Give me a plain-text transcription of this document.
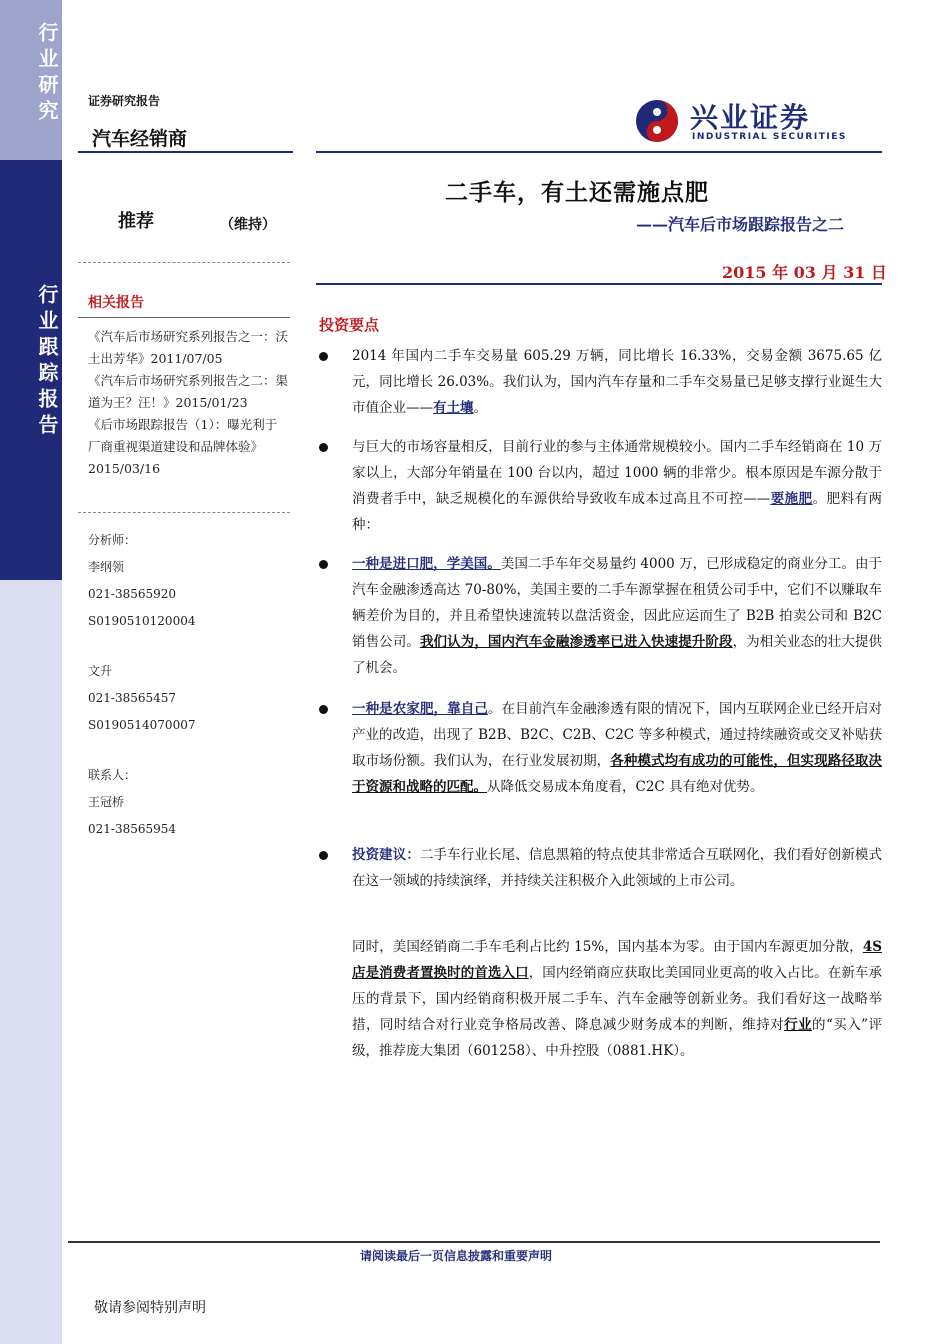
行业研究
行业跟踪报告
证券研究报告
汽车经销商
兴业证券
INDUSTRIAL SECURITIES
二手车，有土还需施点肥
——汽车后市场跟踪报告之二
2015 年 03 月 31 日
推荐	（维持）
相关报告
《汽车后市场研究系列报告之一：沃土出芳华》2011/07/05
《汽车后市场研究系列报告之二：渠道为王？汪！》2015/01/23
《后市场跟踪报告（1）：曝光利于厂商重视渠道建设和品牌体验》2015/03/16
分析师：
李纲领
021-38565920
S0190510120004
文升
021-38565457
S0190514070007
联系人：
王冠桥
021-38565954
投资要点
2014 年国内二手车交易量 605.29 万辆，同比增长 16.33%，交易金额 3675.65 亿元，同比增长 26.03%。我们认为，国内汽车存量和二手车交易量已足够支撑行业诞生大市值企业——有土壤。
与巨大的市场容量相反，目前行业的参与主体通常规模较小。国内二手车经销商在 10 万家以上，大部分年销量在 100 台以内，超过 1000 辆的非常少。根本原因是车源分散于消费者手中，缺乏规模化的车源供给导致收车成本过高且不可控——要施肥。肥料有两种：
一种是进口肥，学美国。美国二手车年交易量约 4000 万，已形成稳定的商业分工。由于汽车金融渗透高达 70-80%，美国主要的二手车源掌握在租赁公司手中，它们不以赚取车辆差价为目的，并且希望快速流转以盘活资金，因此应运而生了 B2B 拍卖公司和 B2C 销售公司。我们认为，国内汽车金融渗透率已进入快速提升阶段，为相关业态的壮大提供了机会。
一种是农家肥，靠自己。在目前汽车金融渗透有限的情况下，国内互联网企业已经开启对产业的改造，出现了 B2B、B2C、C2B、C2C 等多种模式，通过持续融资或交叉补贴获取市场份额。我们认为，在行业发展初期，各种模式均有成功的可能性，但实现路径取决于资源和战略的匹配。从降低交易成本角度看，C2C 具有绝对优势。
投资建议：二手车行业长尾、信息黑箱的特点使其非常适合互联网化，我们看好创新模式在这一领域的持续演绎，并持续关注积极介入此领域的上市公司。
同时，美国经销商二手车毛利占比约 15%，国内基本为零。由于国内车源更加分散，4S 店是消费者置换时的首选入口，国内经销商应获取比美国同业更高的收入占比。在新车承压的背景下，国内经销商积极开展二手车、汽车金融等创新业务。我们看好这一战略举措，同时结合对行业竞争格局改善、降息减少财务成本的判断，维持对行业的“买入”评级，推荐庞大集团（601258）、中升控股（0881.HK）。
请阅读最后一页信息披露和重要声明
敬请参阅特别声明
